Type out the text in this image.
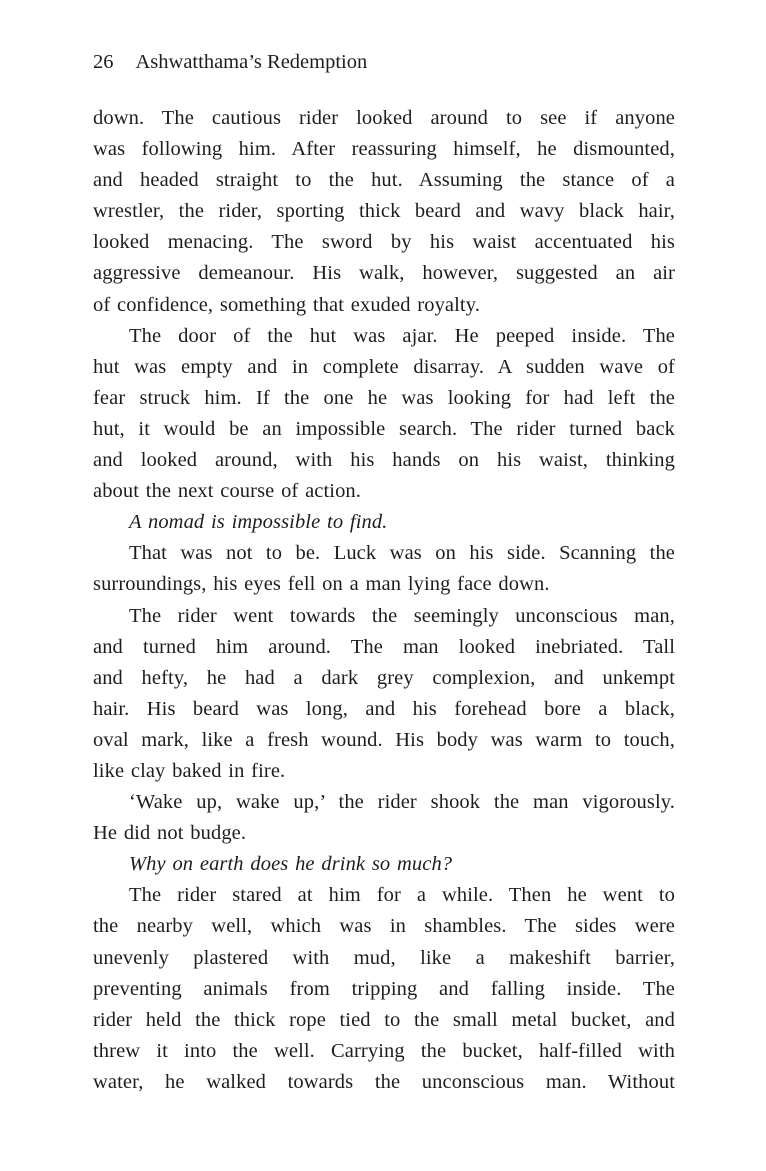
26 Ashwatthama’s Redemption
down. The cautious rider looked around to see if anyone
was following him. After reassuring himself, he dismounted,
and headed straight to the hut. Assuming the stance of a
wrestler, the rider, sporting thick beard and wavy black hair,
looked menacing. The sword by his waist accentuated his
aggressive demeanour. His walk, however, suggested an air
of confidence, something that exuded royalty.
The door of the hut was ajar. He peeped inside. The
hut was empty and in complete disarray. A sudden wave of
fear struck him. If the one he was looking for had left the
hut, it would be an impossible search. The rider turned back
and looked around, with his hands on his waist, thinking
about the next course of action.
A nomad is impossible to find.
That was not to be. Luck was on his side. Scanning the
surroundings, his eyes fell on a man lying face down.
The rider went towards the seemingly unconscious man,
and turned him around. The man looked inebriated. Tall
and hefty, he had a dark grey complexion, and unkempt
hair. His beard was long, and his forehead bore a black,
oval mark, like a fresh wound. His body was warm to touch,
like clay baked in fire.
‘Wake up, wake up,’ the rider shook the man vigorously.
He did not budge.
Why on earth does he drink so much?
The rider stared at him for a while. Then he went to
the nearby well, which was in shambles. The sides were
unevenly plastered with mud, like a makeshift barrier,
preventing animals from tripping and falling inside. The
rider held the thick rope tied to the small metal bucket, and
threw it into the well. Carrying the bucket, half-filled with
water, he walked towards the unconscious man. Without
